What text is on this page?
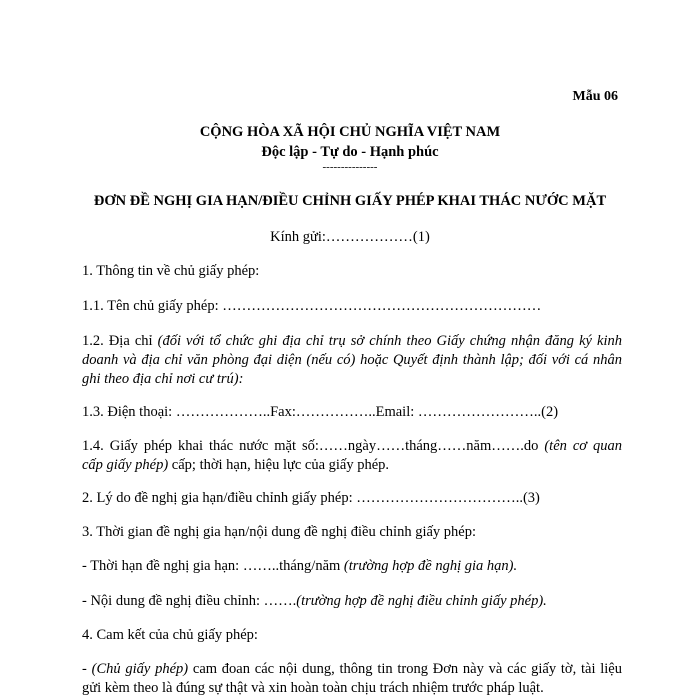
Mẫu 06
CỘNG HÒA XÃ HỘI CHỦ NGHĨA VIỆT NAM
Độc lập - Tự do - Hạnh phúc
---------------
ĐƠN ĐỀ NGHỊ GIA HẠN/ĐIỀU CHỈNH GIẤY PHÉP KHAI THÁC NƯỚC MẶT
Kính gửi:………………(1)
1. Thông tin về chủ giấy phép:
1.1. Tên chủ giấy phép: …………………………………………………………
1.2. Địa chỉ (đối với tổ chức ghi địa chỉ trụ sở chính theo Giấy chứng nhận đăng ký kinh doanh và địa chỉ văn phòng đại diện (nếu có) hoặc Quyết định thành lập; đối với cá nhân ghi theo địa chỉ nơi cư trú):
1.3. Điện thoại: ………………..Fax:……………..Email: ……………………..(2)
1.4. Giấy phép khai thác nước mặt số:……ngày……tháng……năm…….do (tên cơ quan cấp giấy phép) cấp; thời hạn, hiệu lực của giấy phép.
2. Lý do đề nghị gia hạn/điều chỉnh giấy phép: ……………………………..(3)
3. Thời gian đề nghị gia hạn/nội dung đề nghị điều chỉnh giấy phép:
- Thời hạn đề nghị gia hạn: ……..tháng/năm (trường hợp đề nghị gia hạn).
- Nội dung đề nghị điều chỉnh: …….(trường hợp đề nghị điều chỉnh giấy phép).
4. Cam kết của chủ giấy phép:
- (Chủ giấy phép) cam đoan các nội dung, thông tin trong Đơn này và các giấy tờ, tài liệu gửi kèm theo là đúng sự thật và xin hoàn toàn chịu trách nhiệm trước pháp luật.
